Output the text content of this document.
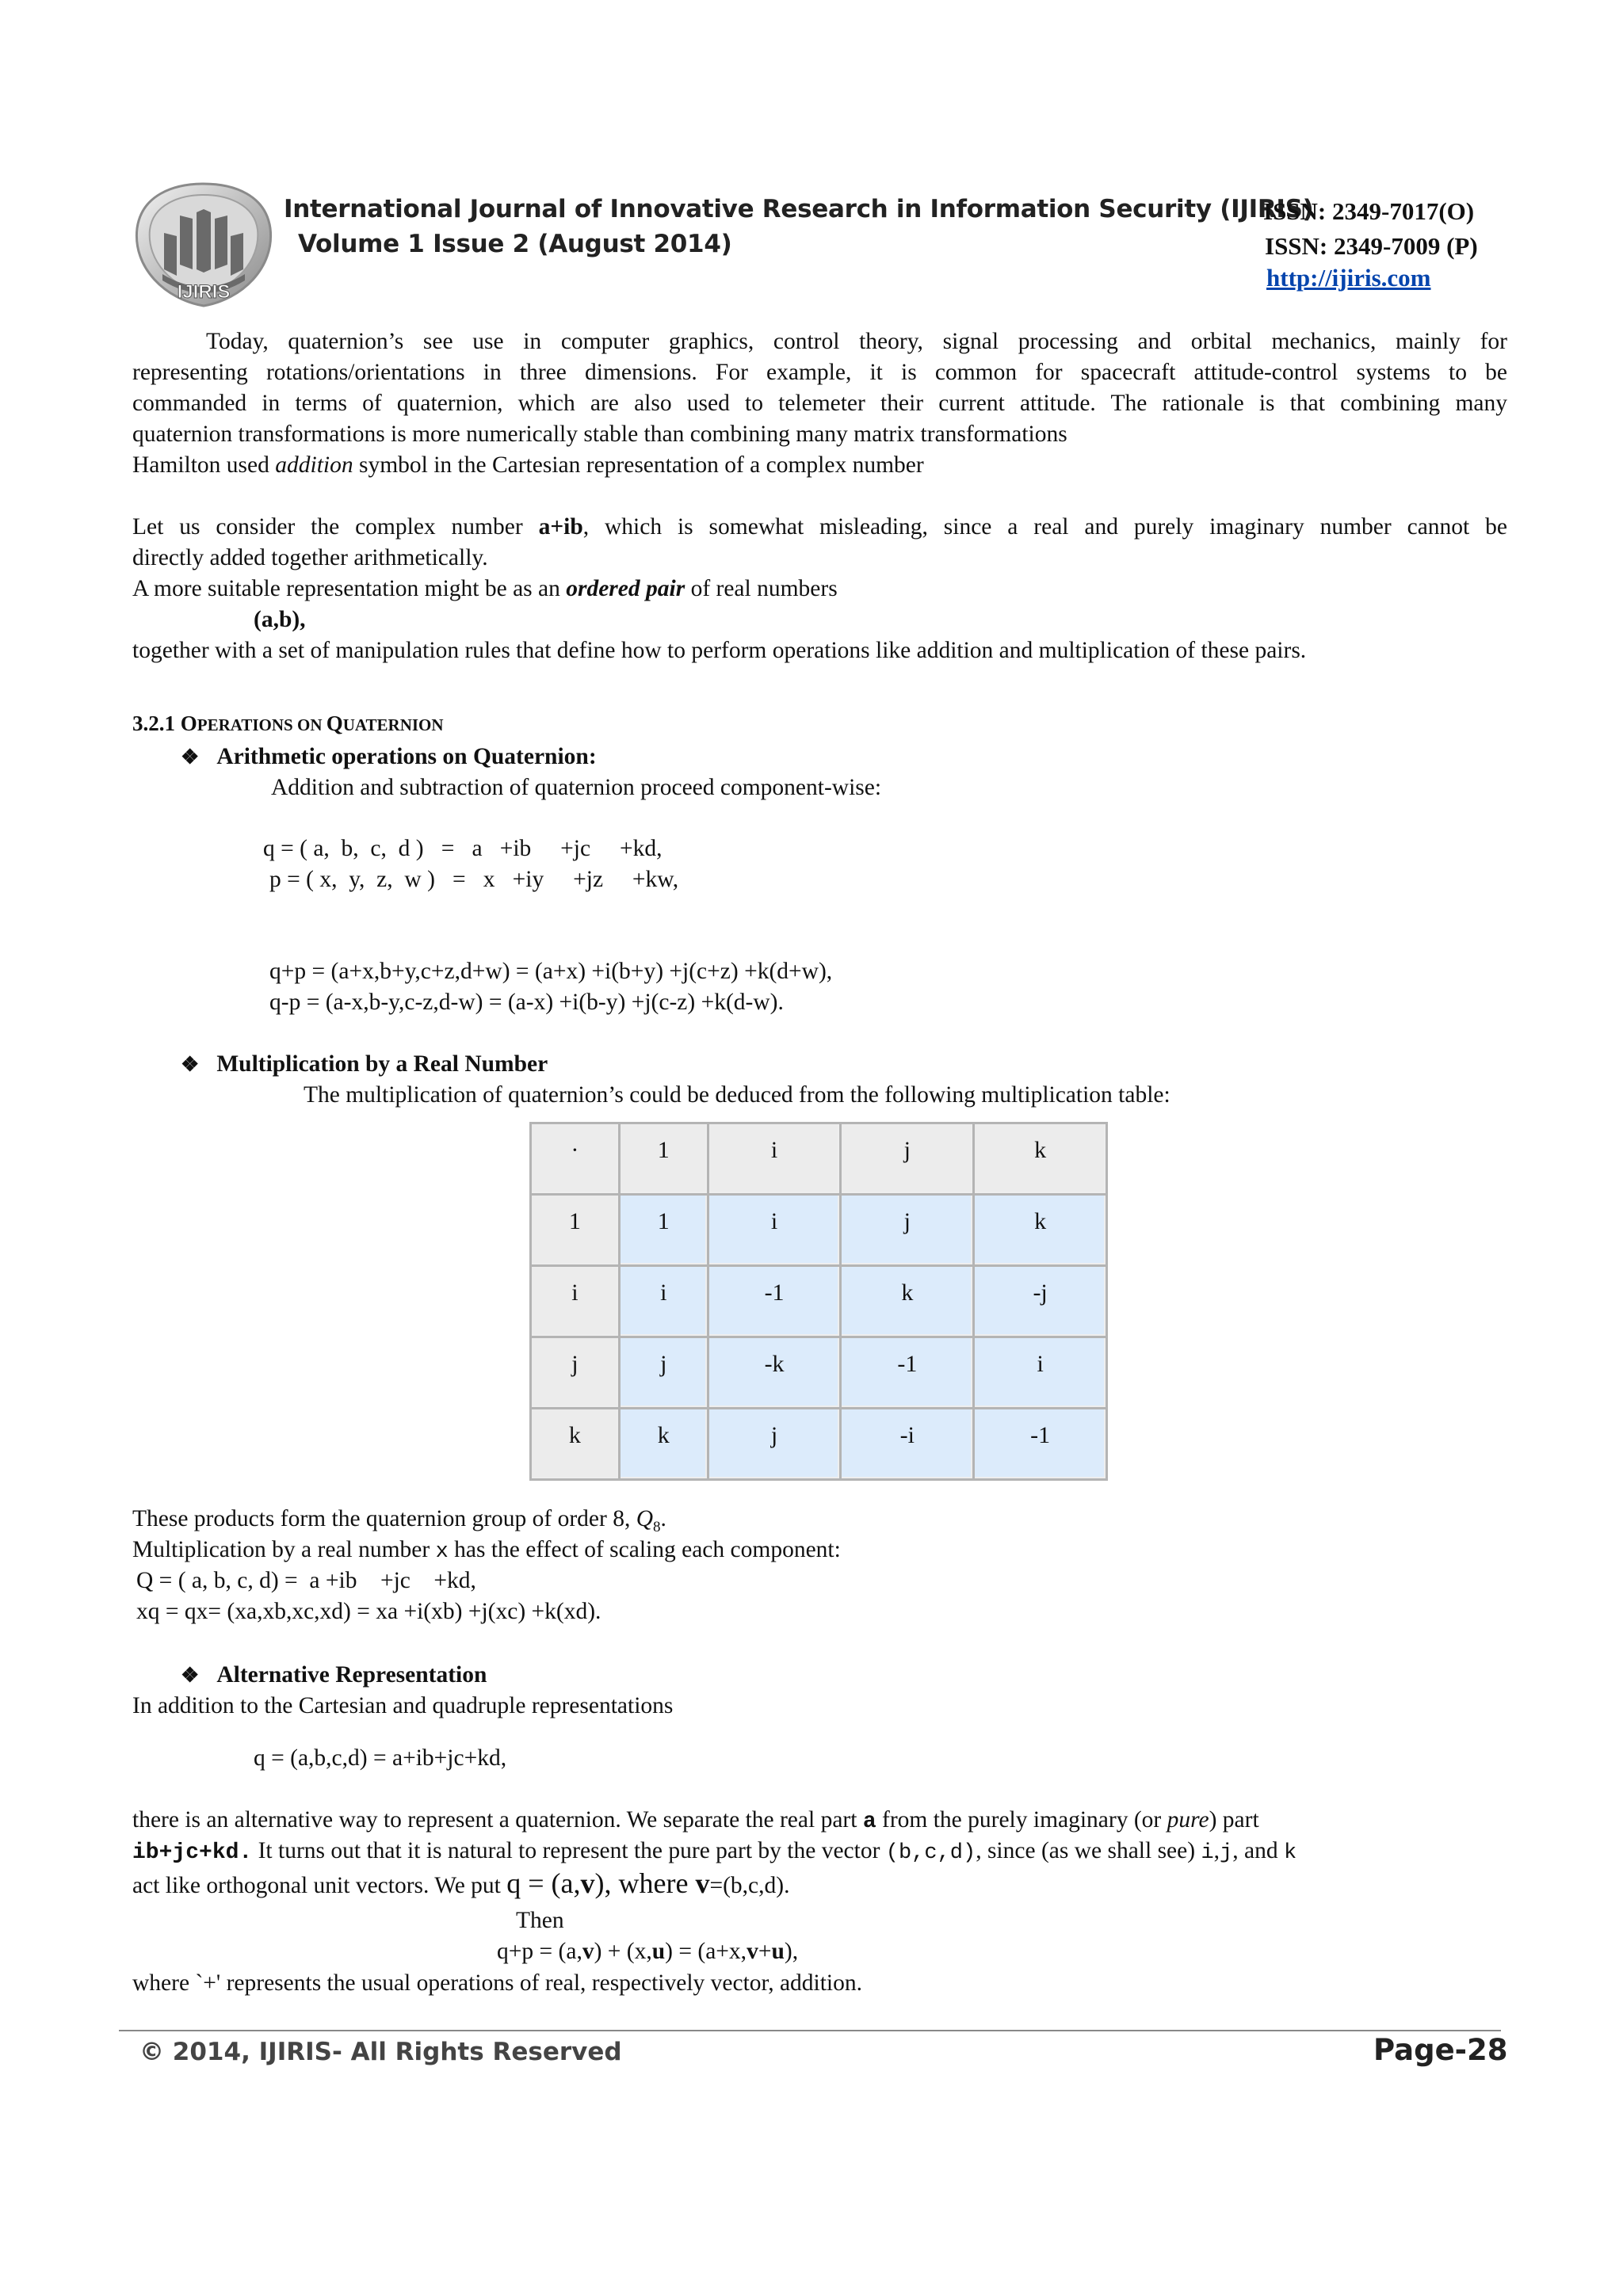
IJIRIS
International Journal of Innovative Research in Information Security (IJIRIS)
Volume 1 Issue 2 (August 2014)
ISSN: 2349-7017(O)
ISSN: 2349-7009 (P)
http://ijiris.com
Today, quaternion’s see use in computer graphics, control theory, signal processing and orbital mechanics, mainly for
representing rotations/orientations in three dimensions. For example, it is common for spacecraft attitude-control systems to be
commanded in terms of quaternion, which are also used to telemeter their current attitude. The rationale is that combining many
quaternion transformations is more numerically stable than combining many matrix transformations
Hamilton used addition symbol in the Cartesian representation of a complex number
Let us consider the complex number a+ib, which is somewhat misleading, since a real and purely imaginary number cannot be
directly added together arithmetically.
A more suitable representation might be as an ordered pair of real numbers
(a,b),
together with a set of manipulation rules that define how to perform operations like addition and multiplication of these pairs.
3.2.1 OPERATIONS ON QUATERNION
❖ Arithmetic operations on Quaternion:
Addition and subtraction of quaternion proceed component-wise:
q = ( a,  b,  c,  d )   =   a   +ib     +jc     +kd,
p = ( x,  y,  z,  w )   =   x   +iy     +jz     +kw,
q+p = (a+x,b+y,c+z,d+w) = (a+x) +i(b+y) +j(c+z) +k(d+w),
q-p = (a-x,b-y,c-z,d-w) = (a-x) +i(b-y) +j(c-z) +k(d-w).
❖ Multiplication by a Real Number
The multiplication of quaternion’s could be deduced from the following multiplication table:
·	1	i	j	k
1	1	i	j	k
i	i	-1	k	-j
j	j	-k	-1	i
k	k	j	-i	-1
These products form the quaternion group of order 8, $Q_8$.
Multiplication by a real number x has the effect of scaling each component:
Q = ( a, b, c, d) =  a +ib    +jc    +kd,
xq = qx= (xa,xb,xc,xd) = xa +i(xb) +j(xc) +k(xd).
❖ Alternative Representation
In addition to the Cartesian and quadruple representations
q = (a,b,c,d) = a+ib+jc+kd,
there is an alternative way to represent a quaternion. We separate the real part a from the purely imaginary (or pure) part
ib+jc+kd. It turns out that it is natural to represent the pure part by the vector (b,c,d), since (as we shall see) i,j, and k
act like orthogonal unit vectors. We put q = (a,v), where v=(b,c,d).
Then
q+p = (a,v) + (x,u) = (a+x,v+u),
where `+' represents the usual operations of real, respectively vector, addition.
© 2014, IJIRIS- All Rights Reserved	Page-28
